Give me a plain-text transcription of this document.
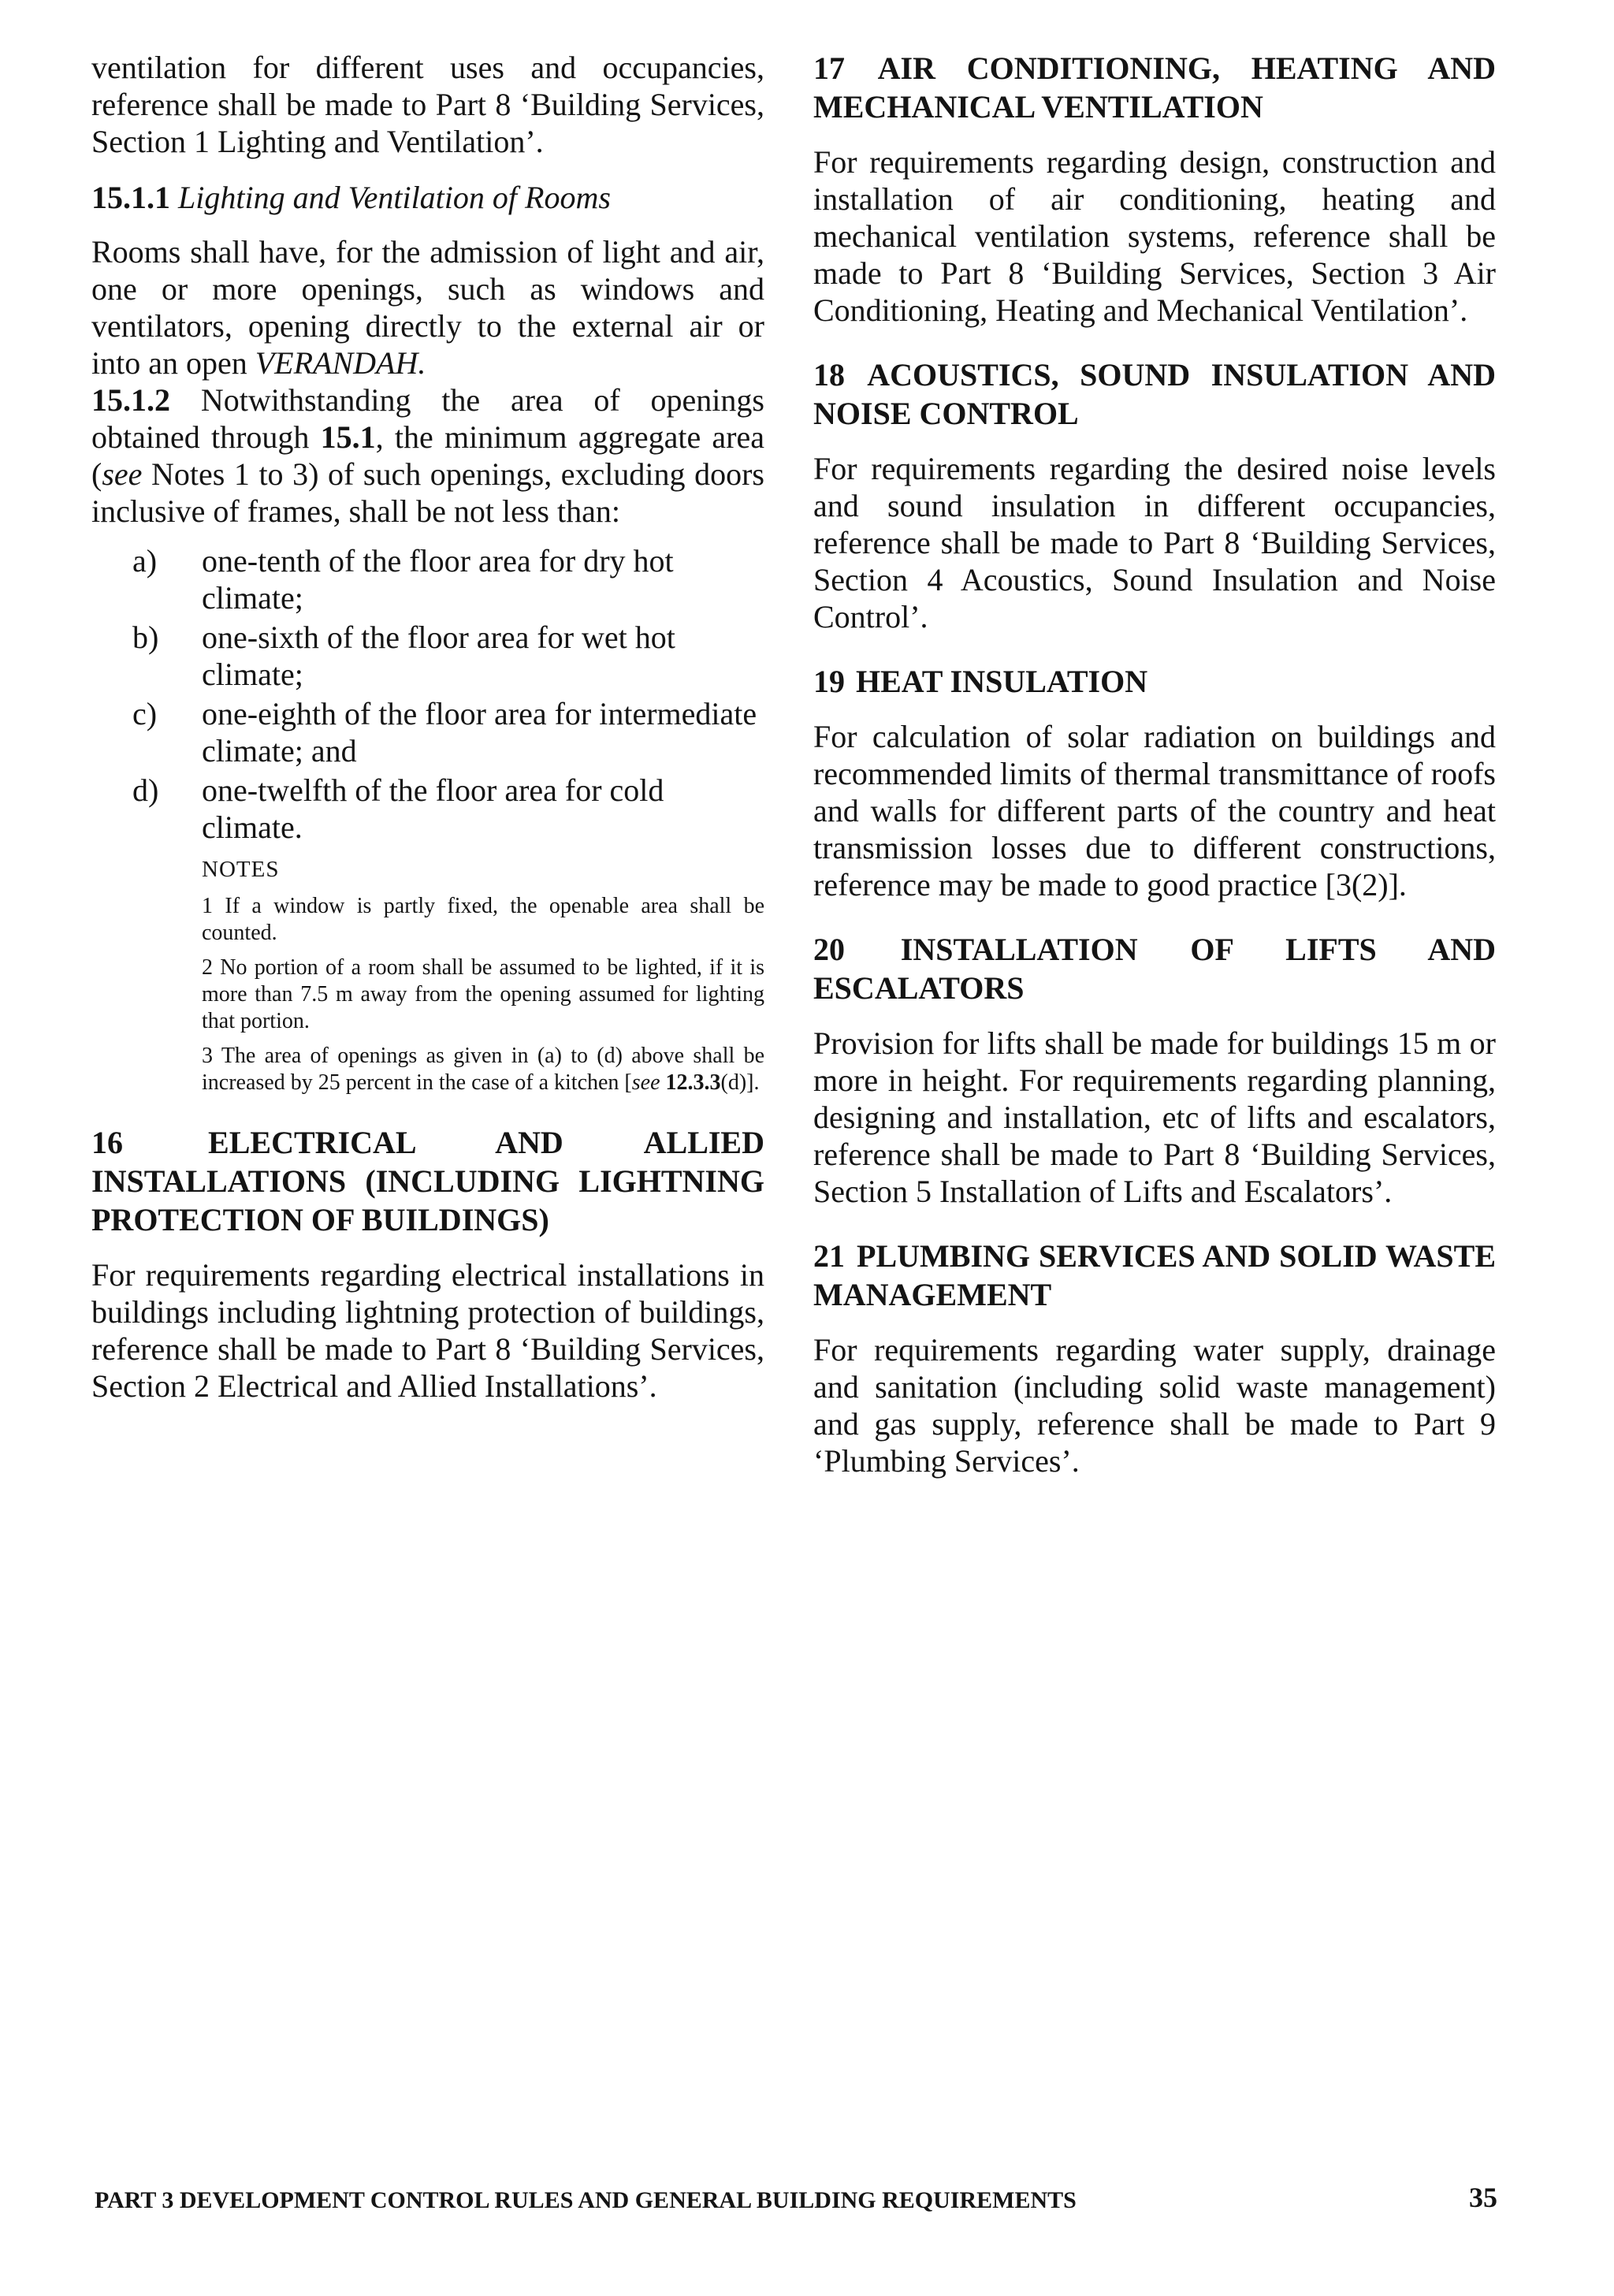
ventilation for different uses and occupancies, reference shall be made to Part 8 ‘Building Services, Section 1 Lighting and Ventilation’.

15.1.1 Lighting and Ventilation of Rooms

Rooms shall have, for the admission of light and air, one or more openings, such as windows and ventilators, opening directly to the external air or into an open VERANDAH.

15.1.2 Notwithstanding the area of openings obtained through 15.1, the minimum aggregate area (see Notes 1 to 3) of such openings, excluding doors inclusive of frames, shall be not less than:

a) one-tenth of the floor area for dry hot climate;
b) one-sixth of the floor area for wet hot climate;
c) one-eighth of the floor area for intermediate climate; and
d) one-twelfth of the floor area for cold climate.
NOTES
1 If a window is partly fixed, the openable area shall be counted.
2 No portion of a room shall be assumed to be lighted, if it is more than 7.5 m away from the opening assumed for lighting that portion.
3 The area of openings as given in (a) to (d) above shall be increased by 25 percent in the case of a kitchen [see 12.3.3(d)].
16	ELECTRICAL AND ALLIED INSTALLATIONS (INCLUDING LIGHTNING PROTECTION OF BUILDINGS)

For requirements regarding electrical installations in buildings including lightning protection of buildings, reference shall be made to Part 8 ‘Building Services, Section 2 Electrical and Allied Installations’.

17 AIR CONDITIONING, HEATING AND MECHANICAL VENTILATION

For requirements regarding design, construction and installation of air conditioning, heating and mechanical ventilation systems, reference shall be made to Part 8 ‘Building Services, Section 3 Air Conditioning, Heating and Mechanical Ventilation’.

18 ACOUSTICS, SOUND INSULATION AND NOISE CONTROL

For requirements regarding the desired noise levels and sound insulation in different occupancies, reference shall be made to Part 8 ‘Building Services, Section 4 Acoustics, Sound Insulation and Noise Control’.

19 HEAT INSULATION

For calculation of solar radiation on buildings and recommended limits of thermal transmittance of roofs and walls for different parts of the country and heat transmission losses due to different constructions, reference may be made to good practice [3(2)].

20 INSTALLATION OF LIFTS AND ESCALATORS

Provision for lifts shall be made for buildings 15 m or more in height. For requirements regarding planning, designing and installation, etc of lifts and escalators, reference shall be made to Part 8 ‘Building Services, Section 5 Installation of Lifts and Escalators’.

21 PLUMBING SERVICES AND SOLID WASTE MANAGEMENT

For requirements regarding water supply, drainage and sanitation (including solid waste management) and gas supply, reference shall be made to Part 9 ‘Plumbing Services’.

PART 3 DEVELOPMENT CONTROL RULES AND GENERAL BUILDING REQUIREMENTS	35
